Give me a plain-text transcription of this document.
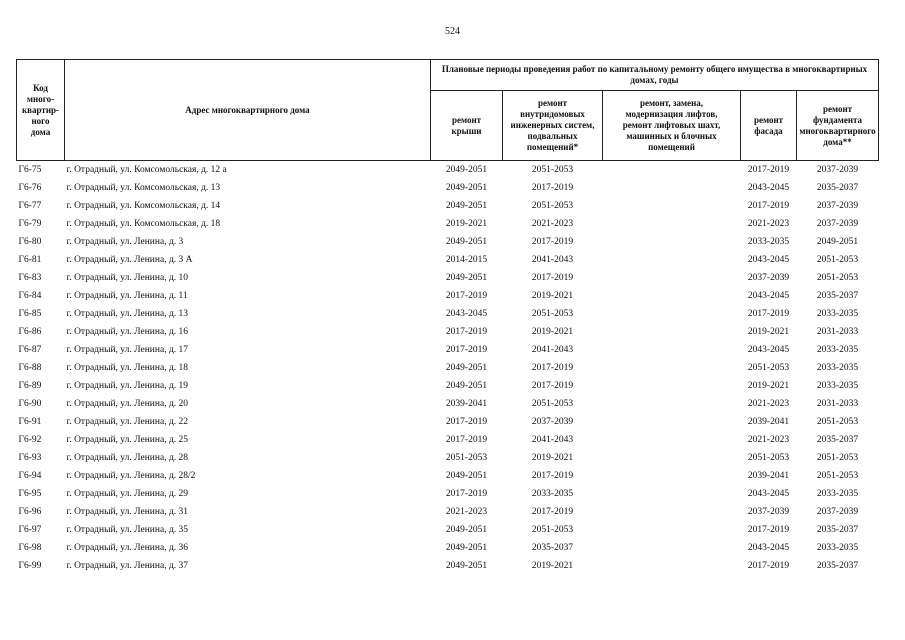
524
Код
много-
квартир-
ного
дома	Адрес многоквартирного дома	Плановые периоды проведения работ по капитальному ремонту общего имущества в многоквартирных домах, годы				
		ремонт
крыши	ремонт
внутридомовых
инженерных систем,
подвальных
помещений*	ремонт, замена,
модернизация лифтов,
ремонт лифтовых шахт,
машинных и блочных
помещений	ремонт
фасада	ремонт
фундамента
многоквартирного
дома**
Г6-75	г. Отрадный, ул. Комсомольская, д. 12 а	2049-2051	2051-2053		2017-2019	2037-2039
Г6-76	г. Отрадный, ул. Комсомольская, д. 13	2049-2051	2017-2019		2043-2045	2035-2037
Г6-77	г. Отрадный, ул. Комсомольская, д. 14	2049-2051	2051-2053		2017-2019	2037-2039
Г6-79	г. Отрадный, ул. Комсомольская, д. 18	2019-2021	2021-2023		2021-2023	2037-2039
Г6-80	г. Отрадный, ул. Ленина, д. 3	2049-2051	2017-2019		2033-2035	2049-2051
Г6-81	г. Отрадный, ул. Ленина, д. 3 А	2014-2015	2041-2043		2043-2045	2051-2053
Г6-83	г. Отрадный, ул. Ленина, д. 10	2049-2051	2017-2019		2037-2039	2051-2053
Г6-84	г. Отрадный, ул. Ленина, д. 11	2017-2019	2019-2021		2043-2045	2035-2037
Г6-85	г. Отрадный, ул. Ленина, д. 13	2043-2045	2051-2053		2017-2019	2033-2035
Г6-86	г. Отрадный, ул. Ленина, д. 16	2017-2019	2019-2021		2019-2021	2031-2033
Г6-87	г. Отрадный, ул. Ленина, д. 17	2017-2019	2041-2043		2043-2045	2033-2035
Г6-88	г. Отрадный, ул. Ленина, д. 18	2049-2051	2017-2019		2051-2053	2033-2035
Г6-89	г. Отрадный, ул. Ленина, д. 19	2049-2051	2017-2019		2019-2021	2033-2035
Г6-90	г. Отрадный, ул. Ленина, д. 20	2039-2041	2051-2053		2021-2023	2031-2033
Г6-91	г. Отрадный, ул. Ленина, д. 22	2017-2019	2037-2039		2039-2041	2051-2053
Г6-92	г. Отрадный, ул. Ленина, д. 25	2017-2019	2041-2043		2021-2023	2035-2037
Г6-93	г. Отрадный, ул. Ленина, д. 28	2051-2053	2019-2021		2051-2053	2051-2053
Г6-94	г. Отрадный, ул. Ленина, д. 28/2	2049-2051	2017-2019		2039-2041	2051-2053
Г6-95	г. Отрадный, ул. Ленина, д. 29	2017-2019	2033-2035		2043-2045	2033-2035
Г6-96	г. Отрадный, ул. Ленина, д. 31	2021-2023	2017-2019		2037-2039	2037-2039
Г6-97	г. Отрадный, ул. Ленина, д. 35	2049-2051	2051-2053		2017-2019	2035-2037
Г6-98	г. Отрадный, ул. Ленина, д. 36	2049-2051	2035-2037		2043-2045	2033-2035
Г6-99	г. Отрадный, ул. Ленина, д. 37	2049-2051	2019-2021		2017-2019	2035-2037
